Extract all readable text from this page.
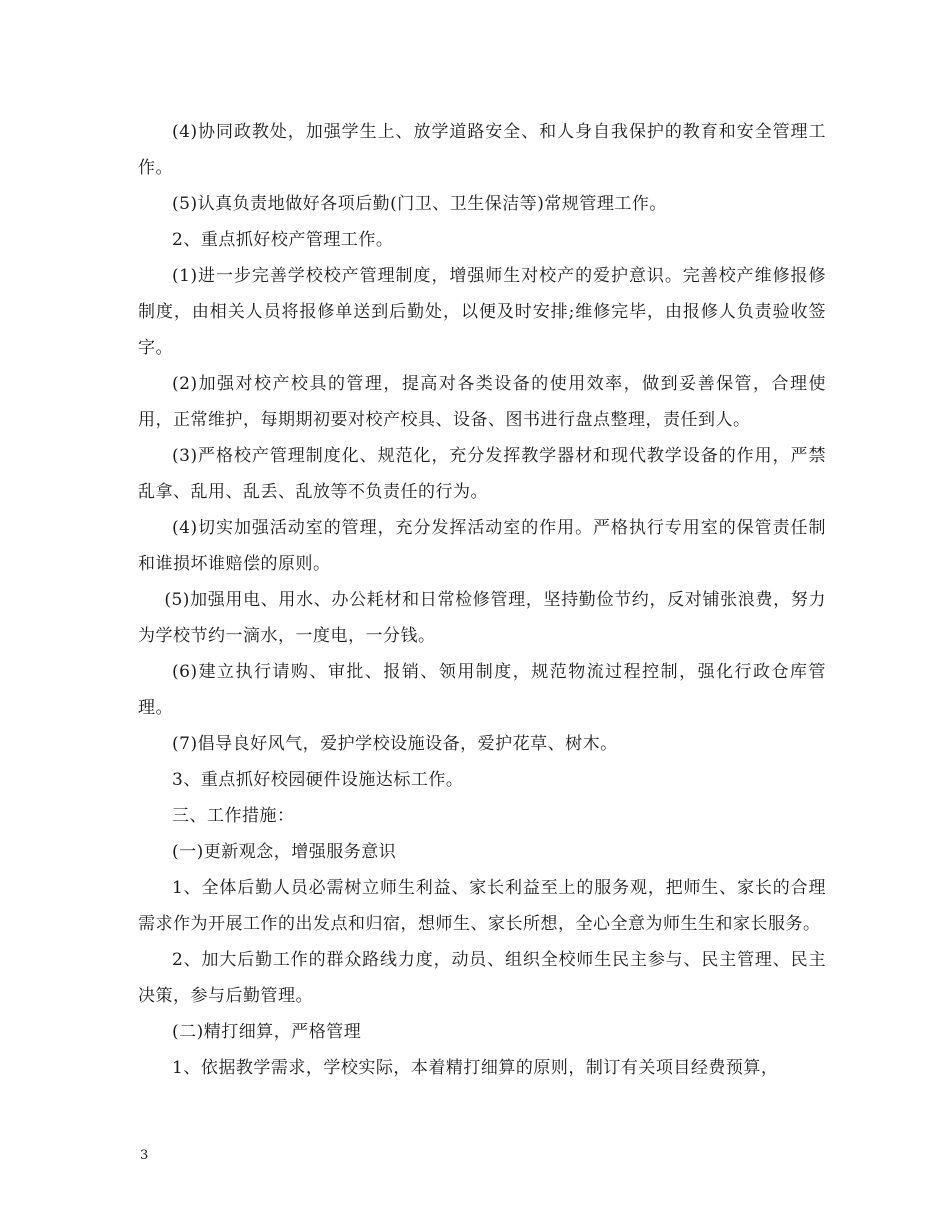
(4)协同政教处，加强学生上、放学道路安全、和人身自我保护的教育和安全管理工作。

(5)认真负责地做好各项后勤(门卫、卫生保洁等)常规管理工作。

2、重点抓好校产管理工作。

(1)进一步完善学校校产管理制度，增强师生对校产的爱护意识。完善校产维修报修制度，由相关人员将报修单送到后勤处，以便及时安排;维修完毕，由报修人负责验收签字。

(2)加强对校产校具的管理，提高对各类设备的使用效率，做到妥善保管，合理使用，正常维护，每期期初要对校产校具、设备、图书进行盘点整理，责任到人。

(3)严格校产管理制度化、规范化，充分发挥教学器材和现代教学设备的作用，严禁乱拿、乱用、乱丢、乱放等不负责任的行为。

(4)切实加强活动室的管理，充分发挥活动室的作用。严格执行专用室的保管责任制和谁损坏谁赔偿的原则。

(5)加强用电、用水、办公耗材和日常检修管理，坚持勤俭节约，反对铺张浪费，努力为学校节约一滴水，一度电，一分钱。

(6)建立执行请购、审批、报销、领用制度，规范物流过程控制，强化行政仓库管理。

(7)倡导良好风气，爱护学校设施设备，爱护花草、树木。

3、重点抓好校园硬件设施达标工作。

三、工作措施：

(一)更新观念，增强服务意识

1、全体后勤人员必需树立师生利益、家长利益至上的服务观，把师生、家长的合理需求作为开展工作的出发点和归宿，想师生、家长所想，全心全意为师生生和家长服务。

2、加大后勤工作的群众路线力度，动员、组织全校师生民主参与、民主管理、民主决策，参与后勤管理。

(二)精打细算，严格管理

1、依据教学需求，学校实际，本着精打细算的原则，制订有关项目经费预算，

3
